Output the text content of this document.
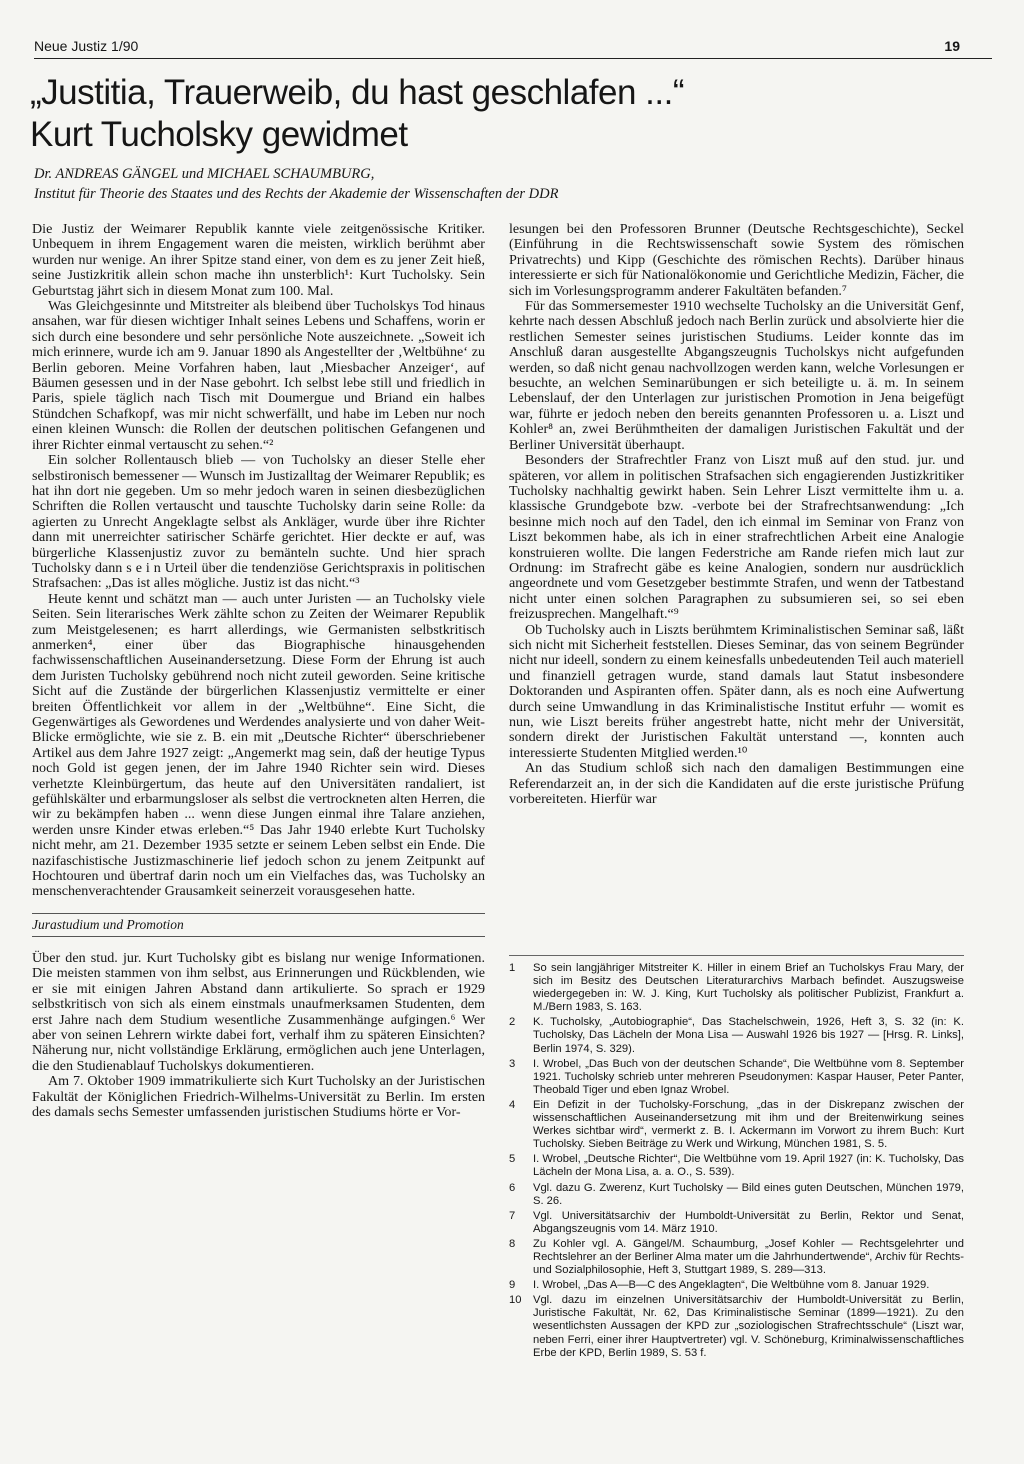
Neue Justiz 1/90	19
„Justitia, Trauerweib, du hast geschlafen ...“
Kurt Tucholsky gewidmet
Dr. ANDREAS GÄNGEL und MICHAEL SCHAUMBURG,
Institut für Theorie des Staates und des Rechts der Akademie der Wissenschaften der DDR

Die Justiz der Weimarer Republik kannte viele zeitgenössische Kritiker. Unbequem in ihrem Engagement waren die meisten, wirklich berühmt aber wurden nur wenige. An ihrer Spitze stand einer, von dem es zu jener Zeit hieß, seine Justizkritik allein schon mache ihn unsterblich¹: Kurt Tucholsky. Sein Geburtstag jährt sich in diesem Monat zum 100. Mal.

Was Gleichgesinnte und Mitstreiter als bleibend über Tucholskys Tod hinaus ansahen, war für diesen wichtiger Inhalt seines Lebens und Schaffens, worin er sich durch eine besondere und sehr persönliche Note auszeichnete. „Soweit ich mich erinnere, wurde ich am 9. Januar 1890 als Angestellter der ‚Weltbühne‘ zu Berlin geboren. Meine Vorfahren haben, laut ‚Miesbacher Anzeiger‘, auf Bäumen gesessen und in der Nase gebohrt. Ich selbst lebe still und friedlich in Paris, spiele täglich nach Tisch mit Doumergue und Briand ein halbes Stündchen Schafkopf, was mir nicht schwerfällt, und habe im Leben nur noch einen kleinen Wunsch: die Rollen der deutschen politischen Gefangenen und ihrer Richter einmal vertauscht zu sehen.“²

Ein solcher Rollentausch blieb — von Tucholsky an dieser Stelle eher selbstironisch bemessener — Wunsch im Justizalltag der Weimarer Republik; es hat ihn dort nie gegeben. Um so mehr jedoch waren in seinen diesbezüglichen Schriften die Rollen vertauscht und tauschte Tucholsky darin seine Rolle: da agierten zu Unrecht Angeklagte selbst als Ankläger, wurde über ihre Richter dann mit unerreichter satirischer Schärfe gerichtet. Hier deckte er auf, was bürgerliche Klassenjustiz zuvor zu bemänteln suchte. Und hier sprach Tucholsky dann s e i n Urteil über die tendenziöse Gerichtspraxis in politischen Strafsachen: „Das ist alles mögliche. Justiz ist das nicht.“³

Heute kennt und schätzt man — auch unter Juristen — an Tucholsky viele Seiten. Sein literarisches Werk zählte schon zu Zeiten der Weimarer Republik zum Meistgelesenen; es harrt allerdings, wie Germanisten selbstkritisch anmerken⁴, einer über das Biographische hinausgehenden fachwissenschaftlichen Auseinandersetzung. Diese Form der Ehrung ist auch dem Juristen Tucholsky gebührend noch nicht zuteil geworden. Seine kritische Sicht auf die Zustände der bürgerlichen Klassenjustiz vermittelte er einer breiten Öffentlichkeit vor allem in der „Weltbühne“. Eine Sicht, die Gegenwärtiges als Gewordenes und Werdendes analysierte und von daher Weit-Blicke ermöglichte, wie sie z. B. ein mit „Deutsche Richter“ überschriebener Artikel aus dem Jahre 1927 zeigt: „Angemerkt mag sein, daß der heutige Typus noch Gold ist gegen jenen, der im Jahre 1940 Richter sein wird. Dieses verhetzte Kleinbürgertum, das heute auf den Universitäten randaliert, ist gefühlskälter und erbarmungsloser als selbst die vertrockneten alten Herren, die wir zu bekämpfen haben ... wenn diese Jungen einmal ihre Talare anziehen, werden unsre Kinder etwas erleben.“⁵ Das Jahr 1940 erlebte Kurt Tucholsky nicht mehr, am 21. Dezember 1935 setzte er seinem Leben selbst ein Ende. Die nazifaschistische Justizmaschinerie lief jedoch schon zu jenem Zeitpunkt auf Hochtouren und übertraf darin noch um ein Vielfaches das, was Tucholsky an menschenverachtender Grausamkeit seinerzeit vorausgesehen hatte.

Jurastudium und Promotion

Über den stud. jur. Kurt Tucholsky gibt es bislang nur wenige Informationen. Die meisten stammen von ihm selbst, aus Erinnerungen und Rückblenden, wie er sie mit einigen Jahren Abstand dann artikulierte. So sprach er 1929 selbstkritisch von sich als einem einstmals unaufmerksamen Studenten, dem erst Jahre nach dem Studium wesentliche Zusammenhänge aufgingen.⁶ Wer aber von seinen Lehrern wirkte dabei fort, verhalf ihm zu späteren Einsichten? Näherung nur, nicht vollständige Erklärung, ermöglichen auch jene Unterlagen, die den Studienablauf Tucholskys dokumentieren.

Am 7. Oktober 1909 immatrikulierte sich Kurt Tucholsky an der Juristischen Fakultät der Königlichen Friedrich-Wilhelms-Universität zu Berlin. Im ersten des damals sechs Semester umfassenden juristischen Studiums hörte er Vor-

lesungen bei den Professoren Brunner (Deutsche Rechtsgeschichte), Seckel (Einführung in die Rechtswissenschaft sowie System des römischen Privatrechts) und Kipp (Geschichte des römischen Rechts). Darüber hinaus interessierte er sich für Nationalökonomie und Gerichtliche Medizin, Fächer, die sich im Vorlesungsprogramm anderer Fakultäten befanden.⁷

Für das Sommersemester 1910 wechselte Tucholsky an die Universität Genf, kehrte nach dessen Abschluß jedoch nach Berlin zurück und absolvierte hier die restlichen Semester seines juristischen Studiums. Leider konnte das im Anschluß daran ausgestellte Abgangszeugnis Tucholskys nicht aufgefunden werden, so daß nicht genau nachvollzogen werden kann, welche Vorlesungen er besuchte, an welchen Seminarübungen er sich beteiligte u. ä. m. In seinem Lebenslauf, der den Unterlagen zur juristischen Promotion in Jena beigefügt war, führte er jedoch neben den bereits genannten Professoren u. a. Liszt und Kohler⁸ an, zwei Berühmtheiten der damaligen Juristischen Fakultät und der Berliner Universität überhaupt.

Besonders der Strafrechtler Franz von Liszt muß auf den stud. jur. und späteren, vor allem in politischen Strafsachen sich engagierenden Justizkritiker Tucholsky nachhaltig gewirkt haben. Sein Lehrer Liszt vermittelte ihm u. a. klassische Grundgebote bzw. -verbote bei der Strafrechtsanwendung: „Ich besinne mich noch auf den Tadel, den ich einmal im Seminar von Franz von Liszt bekommen habe, als ich in einer strafrechtlichen Arbeit eine Analogie konstruieren wollte. Die langen Federstriche am Rande riefen mich laut zur Ordnung: im Strafrecht gäbe es keine Analogien, sondern nur ausdrücklich angeordnete und vom Gesetzgeber bestimmte Strafen, und wenn der Tatbestand nicht unter einen solchen Paragraphen zu subsumieren sei, so sei eben freizusprechen. Mangelhaft.“⁹

Ob Tucholsky auch in Liszts berühmtem Kriminalistischen Seminar saß, läßt sich nicht mit Sicherheit feststellen. Dieses Seminar, das von seinem Begründer nicht nur ideell, sondern zu einem keinesfalls unbedeutenden Teil auch materiell und finanziell getragen wurde, stand damals laut Statut insbesondere Doktoranden und Aspiranten offen. Später dann, als es noch eine Aufwertung durch seine Umwandlung in das Kriminalistische Institut erfuhr — womit es nun, wie Liszt bereits früher angestrebt hatte, nicht mehr der Universität, sondern direkt der Juristischen Fakultät unterstand —, konnten auch interessierte Studenten Mitglied werden.¹⁰

An das Studium schloß sich nach den damaligen Bestimmungen eine Referendarzeit an, in der sich die Kandidaten auf die erste juristische Prüfung vorbereiteten. Hierfür war

1	So sein langjähriger Mitstreiter K. Hiller in einem Brief an Tucholskys Frau Mary, der sich im Besitz des Deutschen Literaturarchivs Marbach befindet. Auszugsweise wiedergegeben in: W. J. King, Kurt Tucholsky als politischer Publizist, Frankfurt a. M./Bern 1983, S. 163.
2	K. Tucholsky, „Autobiographie“, Das Stachelschwein, 1926, Heft 3, S. 32 (in: K. Tucholsky, Das Lächeln der Mona Lisa — Auswahl 1926 bis 1927 — [Hrsg. R. Links], Berlin 1974, S. 329).
3	I. Wrobel, „Das Buch von der deutschen Schande“, Die Weltbühne vom 8. September 1921. Tucholsky schrieb unter mehreren Pseudonymen: Kaspar Hauser, Peter Panter, Theobald Tiger und eben Ignaz Wrobel.
4	Ein Defizit in der Tucholsky-Forschung, „das in der Diskrepanz zwischen der wissenschaftlichen Auseinandersetzung mit ihm und der Breitenwirkung seines Werkes sichtbar wird“, vermerkt z. B. I. Ackermann im Vorwort zu ihrem Buch: Kurt Tucholsky. Sieben Beiträge zu Werk und Wirkung, München 1981, S. 5.
5	I. Wrobel, „Deutsche Richter“, Die Weltbühne vom 19. April 1927 (in: K. Tucholsky, Das Lächeln der Mona Lisa, a. a. O., S. 539).
6	Vgl. dazu G. Zwerenz, Kurt Tucholsky — Bild eines guten Deutschen, München 1979, S. 26.
7	Vgl. Universitätsarchiv der Humboldt-Universität zu Berlin, Rektor und Senat, Abgangszeugnis vom 14. März 1910.
8	Zu Kohler vgl. A. Gängel/M. Schaumburg, „Josef Kohler — Rechtsgelehrter und Rechtslehrer an der Berliner Alma mater um die Jahrhundertwende“, Archiv für Rechts- und Sozialphilosophie, Heft 3, Stuttgart 1989, S. 289—313.
9	I. Wrobel, „Das A—B—C des Angeklagten“, Die Weltbühne vom 8. Januar 1929.
10	Vgl. dazu im einzelnen Universitätsarchiv der Humboldt-Universität zu Berlin, Juristische Fakultät, Nr. 62, Das Kriminalistische Seminar (1899—1921). Zu den wesentlichsten Aussagen der KPD zur „soziologischen Strafrechtsschule“ (Liszt war, neben Ferri, einer ihrer Hauptvertreter) vgl. V. Schöneburg, Kriminalwissenschaftliches Erbe der KPD, Berlin 1989, S. 53 f.
